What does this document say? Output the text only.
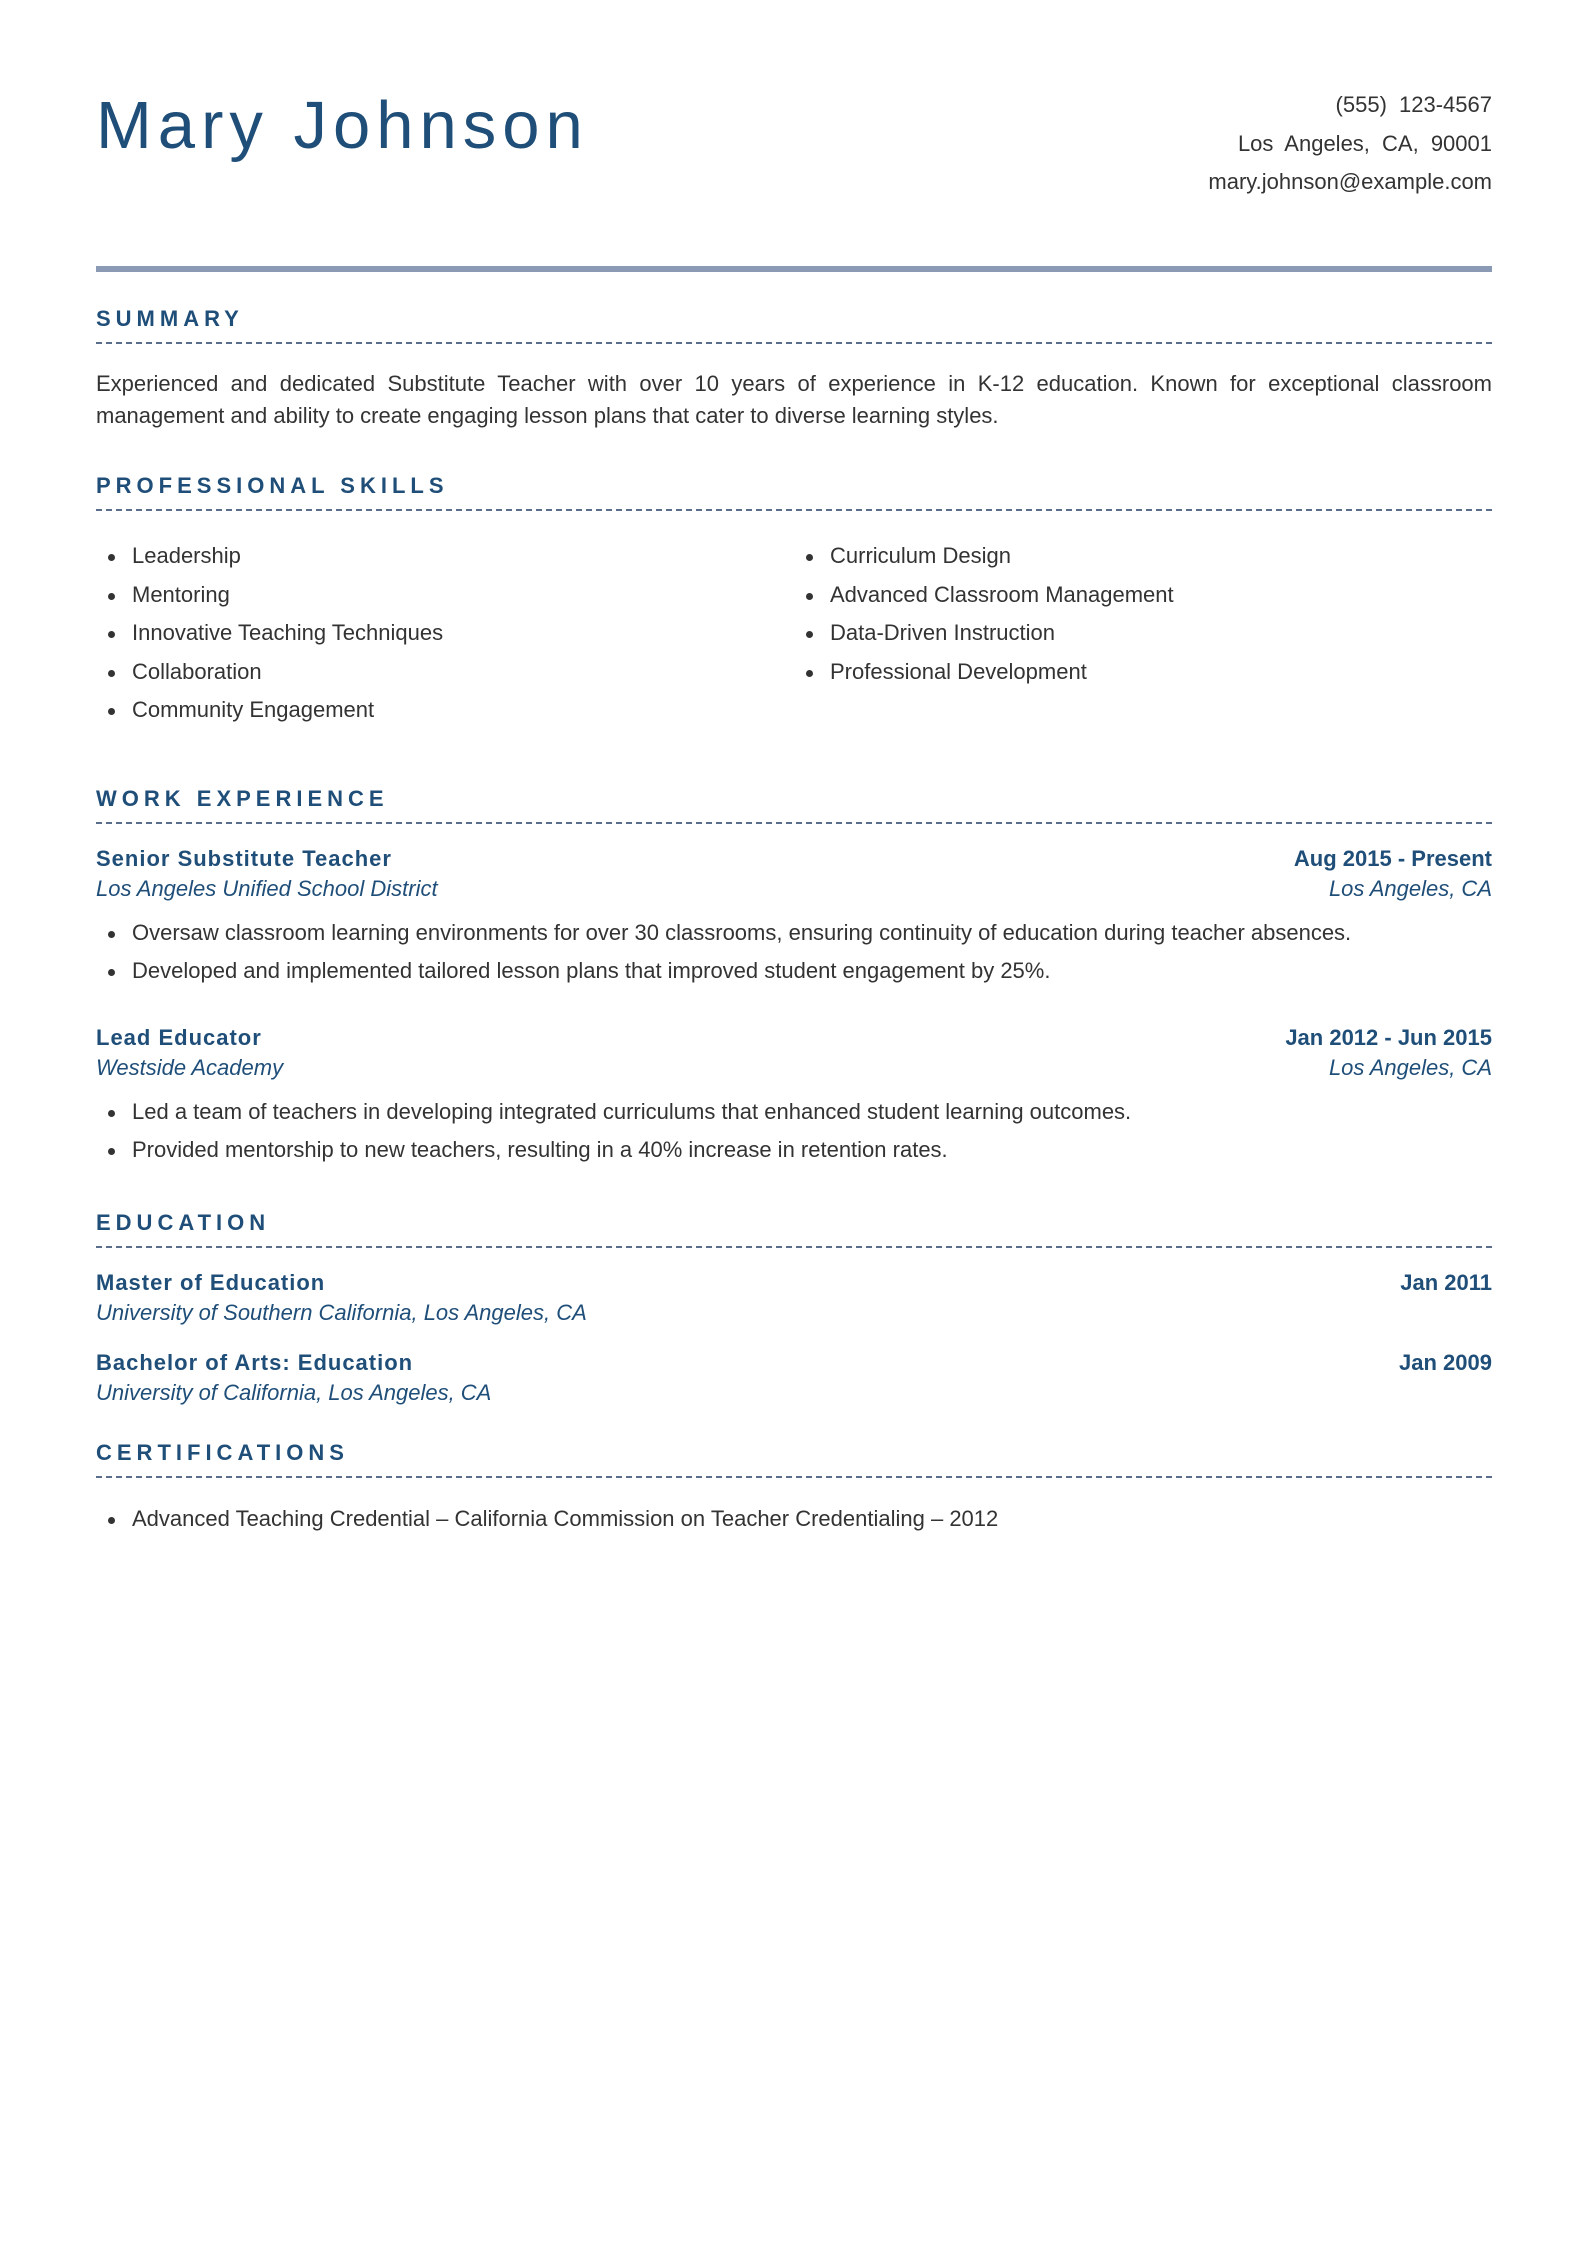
Mary Johnson	(555) 123-4567
Los Angeles, CA, 90001
mary.johnson@example.com
SUMMARY

Experienced and dedicated Substitute Teacher with over 10 years of experience in K-12 education. Known for exceptional classroom management and ability to create engaging lesson plans that cater to diverse learning styles.

PROFESSIONAL SKILLS
Leadership
Mentoring
Innovative Teaching Techniques
Collaboration
Community Engagement
Curriculum Design
Advanced Classroom Management
Data-Driven Instruction
Professional Development
WORK EXPERIENCE
Senior Substitute Teacher	Aug 2015 - Present
Los Angeles Unified School District	Los Angeles, CA
Oversaw classroom learning environments for over 30 classrooms, ensuring continuity of education during teacher absences.
Developed and implemented tailored lesson plans that improved student engagement by 25%.
Lead Educator	Jan 2012 - Jun 2015
Westside Academy	Los Angeles, CA
Led a team of teachers in developing integrated curriculums that enhanced student learning outcomes.
Provided mentorship to new teachers, resulting in a 40% increase in retention rates.
EDUCATION
Master of Education	Jan 2011
University of Southern California, Los Angeles, CA
Bachelor of Arts: Education	Jan 2009
University of California, Los Angeles, CA
CERTIFICATIONS
Advanced Teaching Credential – California Commission on Teacher Credentialing – 2012
